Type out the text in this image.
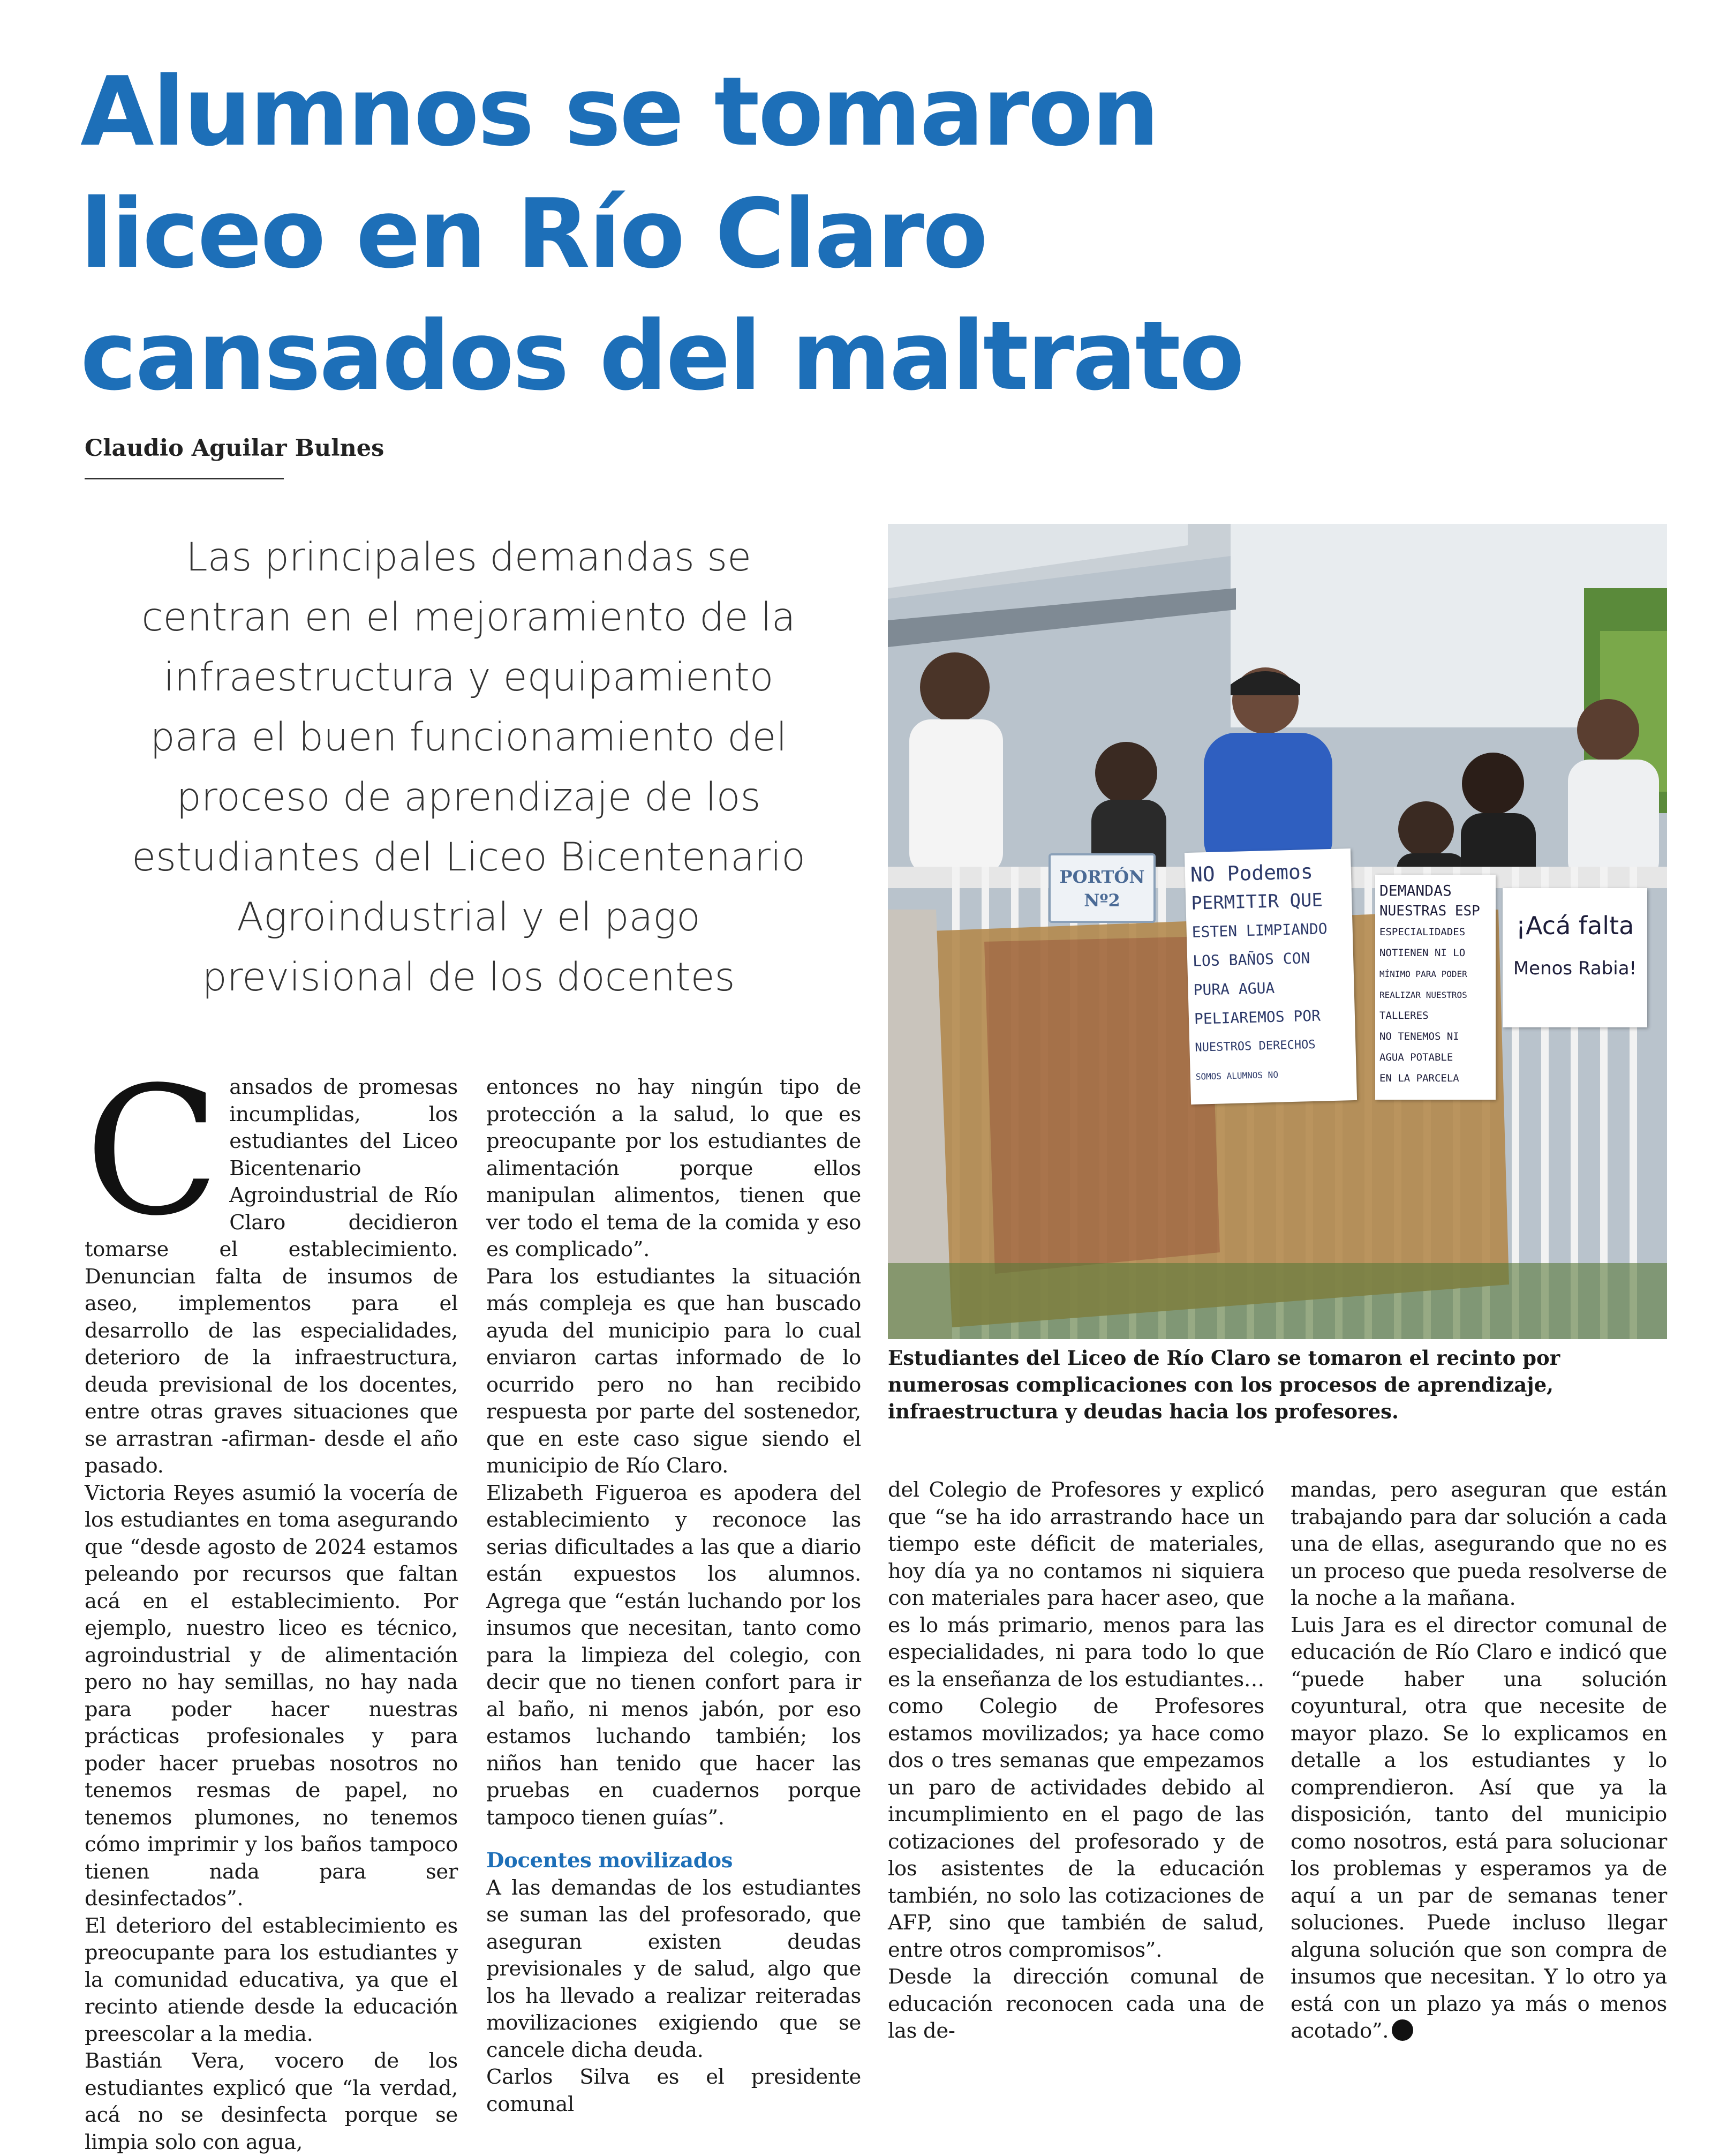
Alumnos se tomaron
liceo en Río Claro
cansados del maltrato
Claudio Aguilar Bulnes
Las principales demandas se
centran en el mejoramiento de la
infraestructura y equipamiento
para el buen funcionamiento del
proceso de aprendizaje de los
estudiantes del Liceo Bicentenario
Agroindustrial y el pago
previsional de los docentes
PORTÓN
Nº2
NO Podemos
PERMITIR QUE
ESTEN LIMPIANDO
LOS BAÑOS CON
PURA AGUA
PELIAREMOS POR
NUESTROS DERECHOS
SOMOS ALUMNOS NO
DEMANDAS
NUESTRAS ESP
ESPECIALIDADES
NOTIENEN NI LO
MÍNIMO PARA PODER
REALIZAR NUESTROS
TALLERES
NO TENEMOS NI
AGUA POTABLE
EN LA PARCELA
¡Acá falta
Menos Rabia!
Estudiantes del Liceo de Río Claro se tomaron el recinto por numerosas complicaciones con los procesos de aprendizaje, infraestructura y deudas hacia los profesores.
C ansados de promesas incumplidas, los estudiantes del Liceo Bicentenario Agroindustrial de Río Claro decidieron tomarse el establecimiento. Denuncian falta de insumos de aseo, implementos para el desarrollo de las especialidades, deterioro de la infraestructura, deuda previsional de los docentes, entre otras graves situaciones que se arrastran -afirman- desde el año pasado.

Victoria Reyes asumió la vocería de los estudiantes en toma asegurando que “desde agosto de 2024 estamos peleando por recursos que faltan acá en el establecimiento. Por ejemplo, nuestro liceo es técnico, agroindustrial y de alimentación pero no hay semillas, no hay nada para poder hacer nuestras prácticas profesionales y para poder hacer pruebas nosotros no tenemos resmas de papel, no tenemos plumones, no tenemos cómo imprimir y los baños tampoco tienen nada para ser desinfectados”.

El deterioro del establecimiento es preocupante para los estudiantes y la comunidad educativa, ya que el recinto atiende desde la educación preescolar a la media.

Bastián Vera, vocero de los estudiantes explicó que “la verdad, acá no se desinfecta porque se limpia solo con agua,

entonces no hay ningún tipo de protección a la salud, lo que es preocupante por los estudiantes de alimentación porque ellos manipulan alimentos, tienen que ver todo el tema de la comida y eso es complicado”.

Para los estudiantes la situación más compleja es que han buscado ayuda del municipio para lo cual enviaron cartas informado de lo ocurrido pero no han recibido respuesta por parte del sostenedor, que en este caso sigue siendo el municipio de Río Claro.

Elizabeth Figueroa es apodera del establecimiento y reconoce las serias dificultades a las que a diario están expuestos los alumnos. Agrega que “están luchando por los insumos que necesitan, tanto como para la limpieza del colegio, con decir que no tienen confort para ir al baño, ni menos jabón, por eso estamos luchando también; los niños han tenido que hacer las pruebas en cuadernos porque tampoco tienen guías”.

Docentes movilizados

A las demandas de los estudiantes se suman las del profesorado, que aseguran existen deudas previsionales y de salud, algo que los ha llevado a realizar reiteradas movilizaciones exigiendo que se cancele dicha deuda.

Carlos Silva es el presidente comunal

del Colegio de Profesores y explicó que “se ha ido arrastrando hace un tiempo este déficit de materiales, hoy día ya no contamos ni siquiera con materiales para hacer aseo, que es lo más primario, menos para las especialidades, ni para todo lo que es la enseñanza de los estudiantes… como Colegio de Profesores estamos movilizados; ya hace como dos o tres semanas que empezamos un paro de actividades debido al incumplimiento en el pago de las cotizaciones del profesorado y de los asistentes de la educación también, no solo las cotizaciones de AFP, sino que también de salud, entre otros compromisos”.

Desde la dirección comunal de educación reconocen cada una de las de-

mandas, pero aseguran que están trabajando para dar solución a cada una de ellas, asegurando que no es un proceso que pueda resolverse de la noche a la mañana.

Luis Jara es el director comunal de educación de Río Claro e indicó que “puede haber una solución coyuntural, otra que necesite de mayor plazo. Se lo explicamos en detalle a los estudiantes y lo comprendieron. Así que ya la disposición, tanto del municipio como nosotros, está para solucionar los problemas y esperamos ya de aquí a un par de semanas tener soluciones. Puede incluso llegar alguna solución que son compra de insumos que necesitan. Y lo otro ya está con un plazo ya más o menos acotado”.
